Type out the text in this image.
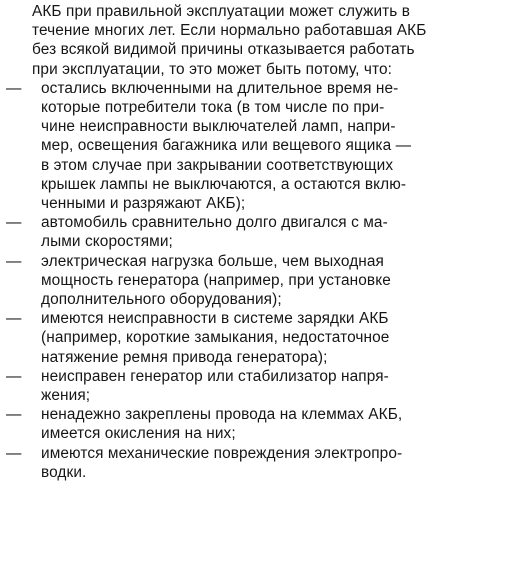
АКБ при правильной эксплуатации может служить в
течение многих лет. Если нормально работавшая АКБ
без всякой видимой причины отказывается работать
при эксплуатации, то это может быть потому, что:

— остались включенными на длительное время не-
которые потребители тока (в том числе по при-
чине неисправности выключателей ламп, напри-
мер, освещения багажника или вещевого ящика —
в этом случае при закрывании соответствующих
крышек лампы не выключаются, а остаются вклю-
ченными и разряжают АКБ);
— автомобиль сравнительно долго двигался с ма-
лыми скоростями;
— электрическая нагрузка больше, чем выходная
мощность генератора (например, при установке
дополнительного оборудования);
— имеются неисправности в системе зарядки АКБ
(например, короткие замыкания, недостаточное
натяжение ремня привода генератора);
— неисправен генератор или стабилизатор напря-
жения;
— ненадежно закреплены провода на клеммах АКБ,
имеется окисления на них;
— имеются механические повреждения электропро-
водки.
